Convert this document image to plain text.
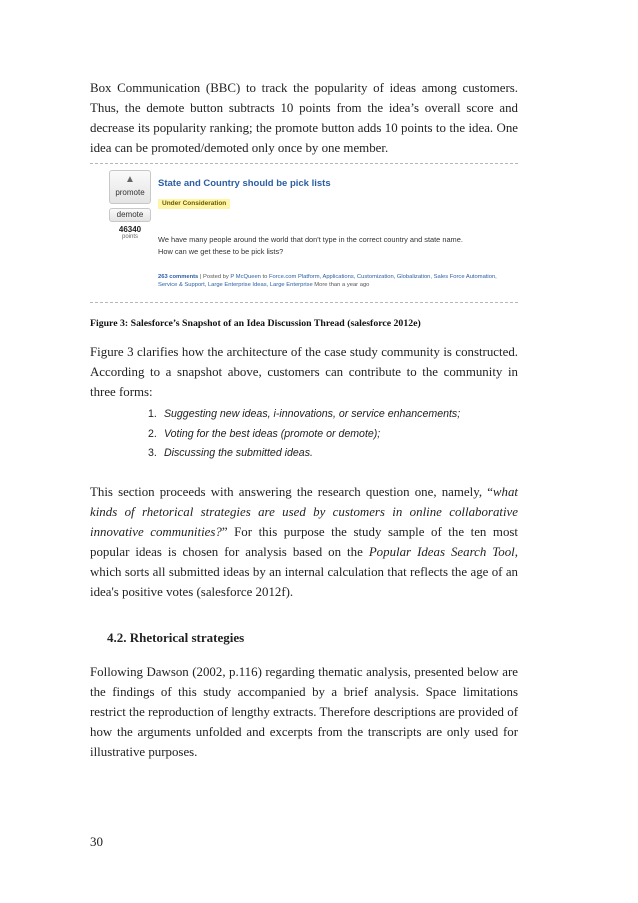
Box Communication (BBC) to track the popularity of ideas among customers. Thus, the demote button subtracts 10 points from the idea’s overall score and decrease its popularity ranking; the promote button adds 10 points to the idea. One idea can be promoted/demoted only once by one member.

▲
promote
demote
46340
points
State and Country should be pick lists
Under Consideration

We have many people around the world that don't type in the correct country and state name.
How can we get these to be pick lists?

263 comments | Posted by P McQueen to Force.com Platform, Applications, Customization, Globalization, Sales Force Automation, Service & Support, Large Enterprise Ideas, Large Enterprise More than a year ago

Figure 3: Salesforce’s Snapshot of an Idea Discussion Thread (salesforce 2012e)

Figure 3 clarifies how the architecture of the case study community is constructed. According to a snapshot above, customers can contribute to the community in three forms:

1. Suggesting new ideas, i-innovations, or service enhancements;
2. Voting for the best ideas (promote or demote);
3. Discussing the submitted ideas.

This section proceeds with answering the research question one, namely, “what kinds of rhetorical strategies are used by customers in online collaborative innovative communities?” For this purpose the study sample of the ten most popular ideas is chosen for analysis based on the Popular Ideas Search Tool, which sorts all submitted ideas by an internal calculation that reflects the age of an idea's positive votes (salesforce 2012f).

4.2. Rhetorical strategies

Following Dawson (2002, p.116) regarding thematic analysis, presented below are the findings of this study accompanied by a brief analysis. Space limitations restrict the reproduction of lengthy extracts. Therefore descriptions are provided of how the arguments unfolded and excerpts from the transcripts are only used for illustrative purposes.

30
